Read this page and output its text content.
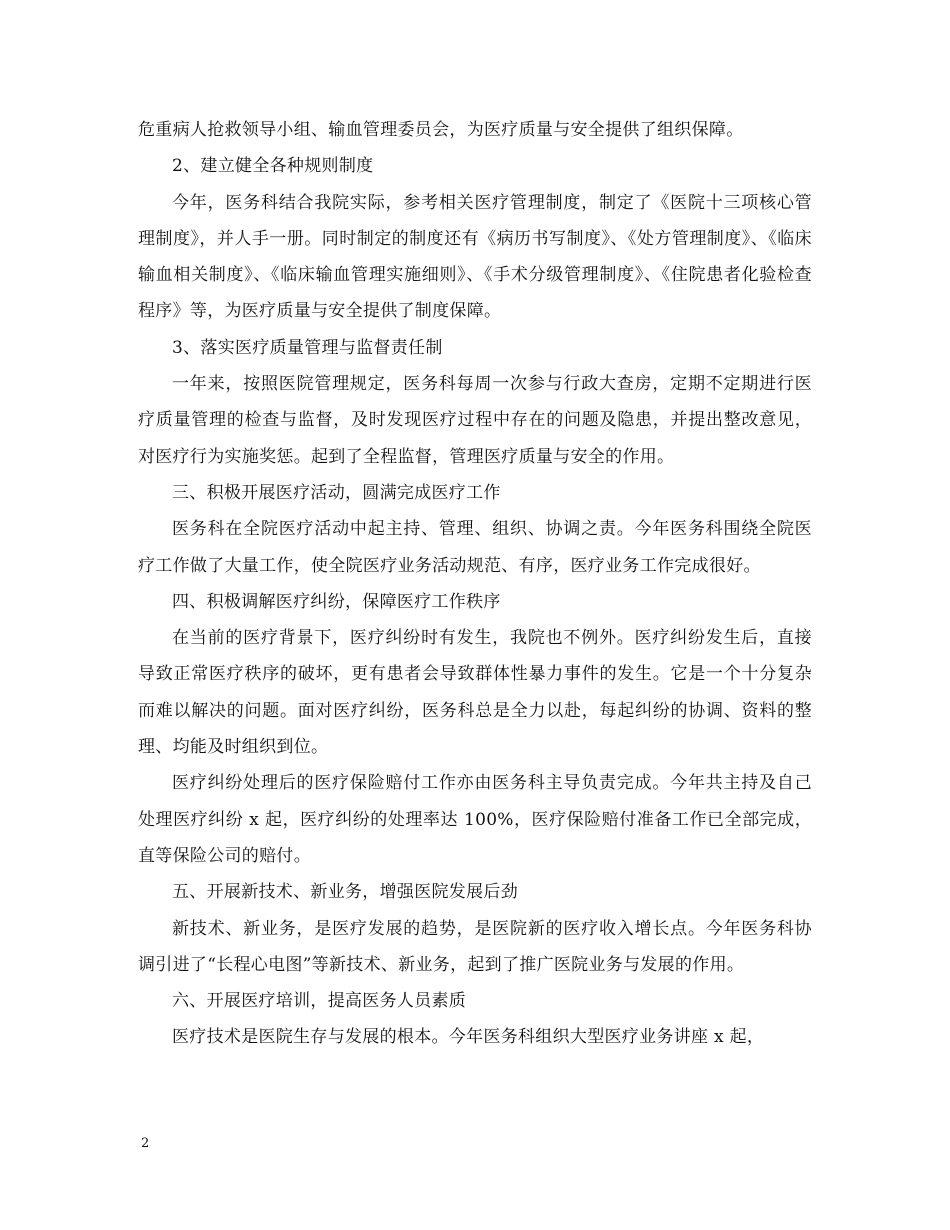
危重病人抢救领导小组、输血管理委员会，为医疗质量与安全提供了组织保障。

2、建立健全各种规则制度

今年，医务科结合我院实际，参考相关医疗管理制度，制定了《医院十三项核心管理制度》，并人手一册。同时制定的制度还有《病历书写制度》、《处方管理制度》、《临床输血相关制度》、《临床输血管理实施细则》、《手术分级管理制度》、《住院患者化验检查程序》等，为医疗质量与安全提供了制度保障。

3、落实医疗质量管理与监督责任制

一年来，按照医院管理规定，医务科每周一次参与行政大查房，定期不定期进行医疗质量管理的检查与监督，及时发现医疗过程中存在的问题及隐患，并提出整改意见，对医疗行为实施奖惩。起到了全程监督，管理医疗质量与安全的作用。

三、积极开展医疗活动，圆满完成医疗工作

医务科在全院医疗活动中起主持、管理、组织、协调之责。今年医务科围绕全院医疗工作做了大量工作，使全院医疗业务活动规范、有序，医疗业务工作完成很好。

四、积极调解医疗纠纷，保障医疗工作秩序

在当前的医疗背景下，医疗纠纷时有发生，我院也不例外。医疗纠纷发生后，直接导致正常医疗秩序的破坏，更有患者会导致群体性暴力事件的发生。它是一个十分复杂而难以解决的问题。面对医疗纠纷，医务科总是全力以赴，每起纠纷的协调、资料的整理、均能及时组织到位。

医疗纠纷处理后的医疗保险赔付工作亦由医务科主导负责完成。今年共主持及自己处理医疗纠纷 x 起，医疗纠纷的处理率达 100%，医疗保险赔付准备工作已全部完成，直等保险公司的赔付。

五、开展新技术、新业务，增强医院发展后劲

新技术、新业务，是医疗发展的趋势，是医院新的医疗收入增长点。今年医务科协调引进了“长程心电图”等新技术、新业务，起到了推广医院业务与发展的作用。

六、开展医疗培训，提高医务人员素质

医疗技术是医院生存与发展的根本。今年医务科组织大型医疗业务讲座 x 起，

2
